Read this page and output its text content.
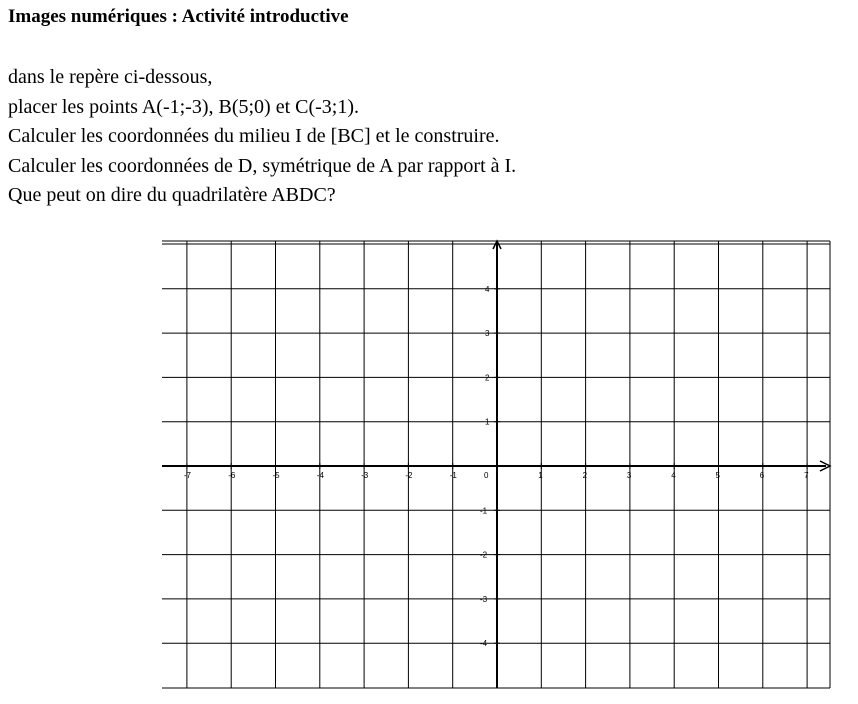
Images numériques : Activité introductive
dans le repère ci-dessous,
placer les points A(-1;-3), B(5;0) et C(-3;1).
Calculer les coordonnées du milieu I de [BC] et le construire.
Calculer les coordonnées de D, symétrique de A par rapport à I.
Que peut on dire du quadrilatère ABDC?
-7	-6	-5	-4	-3	-2	-1	0	1	2	3	4	5	6	7
4
3
2
1
-1
-2
-3
-4
